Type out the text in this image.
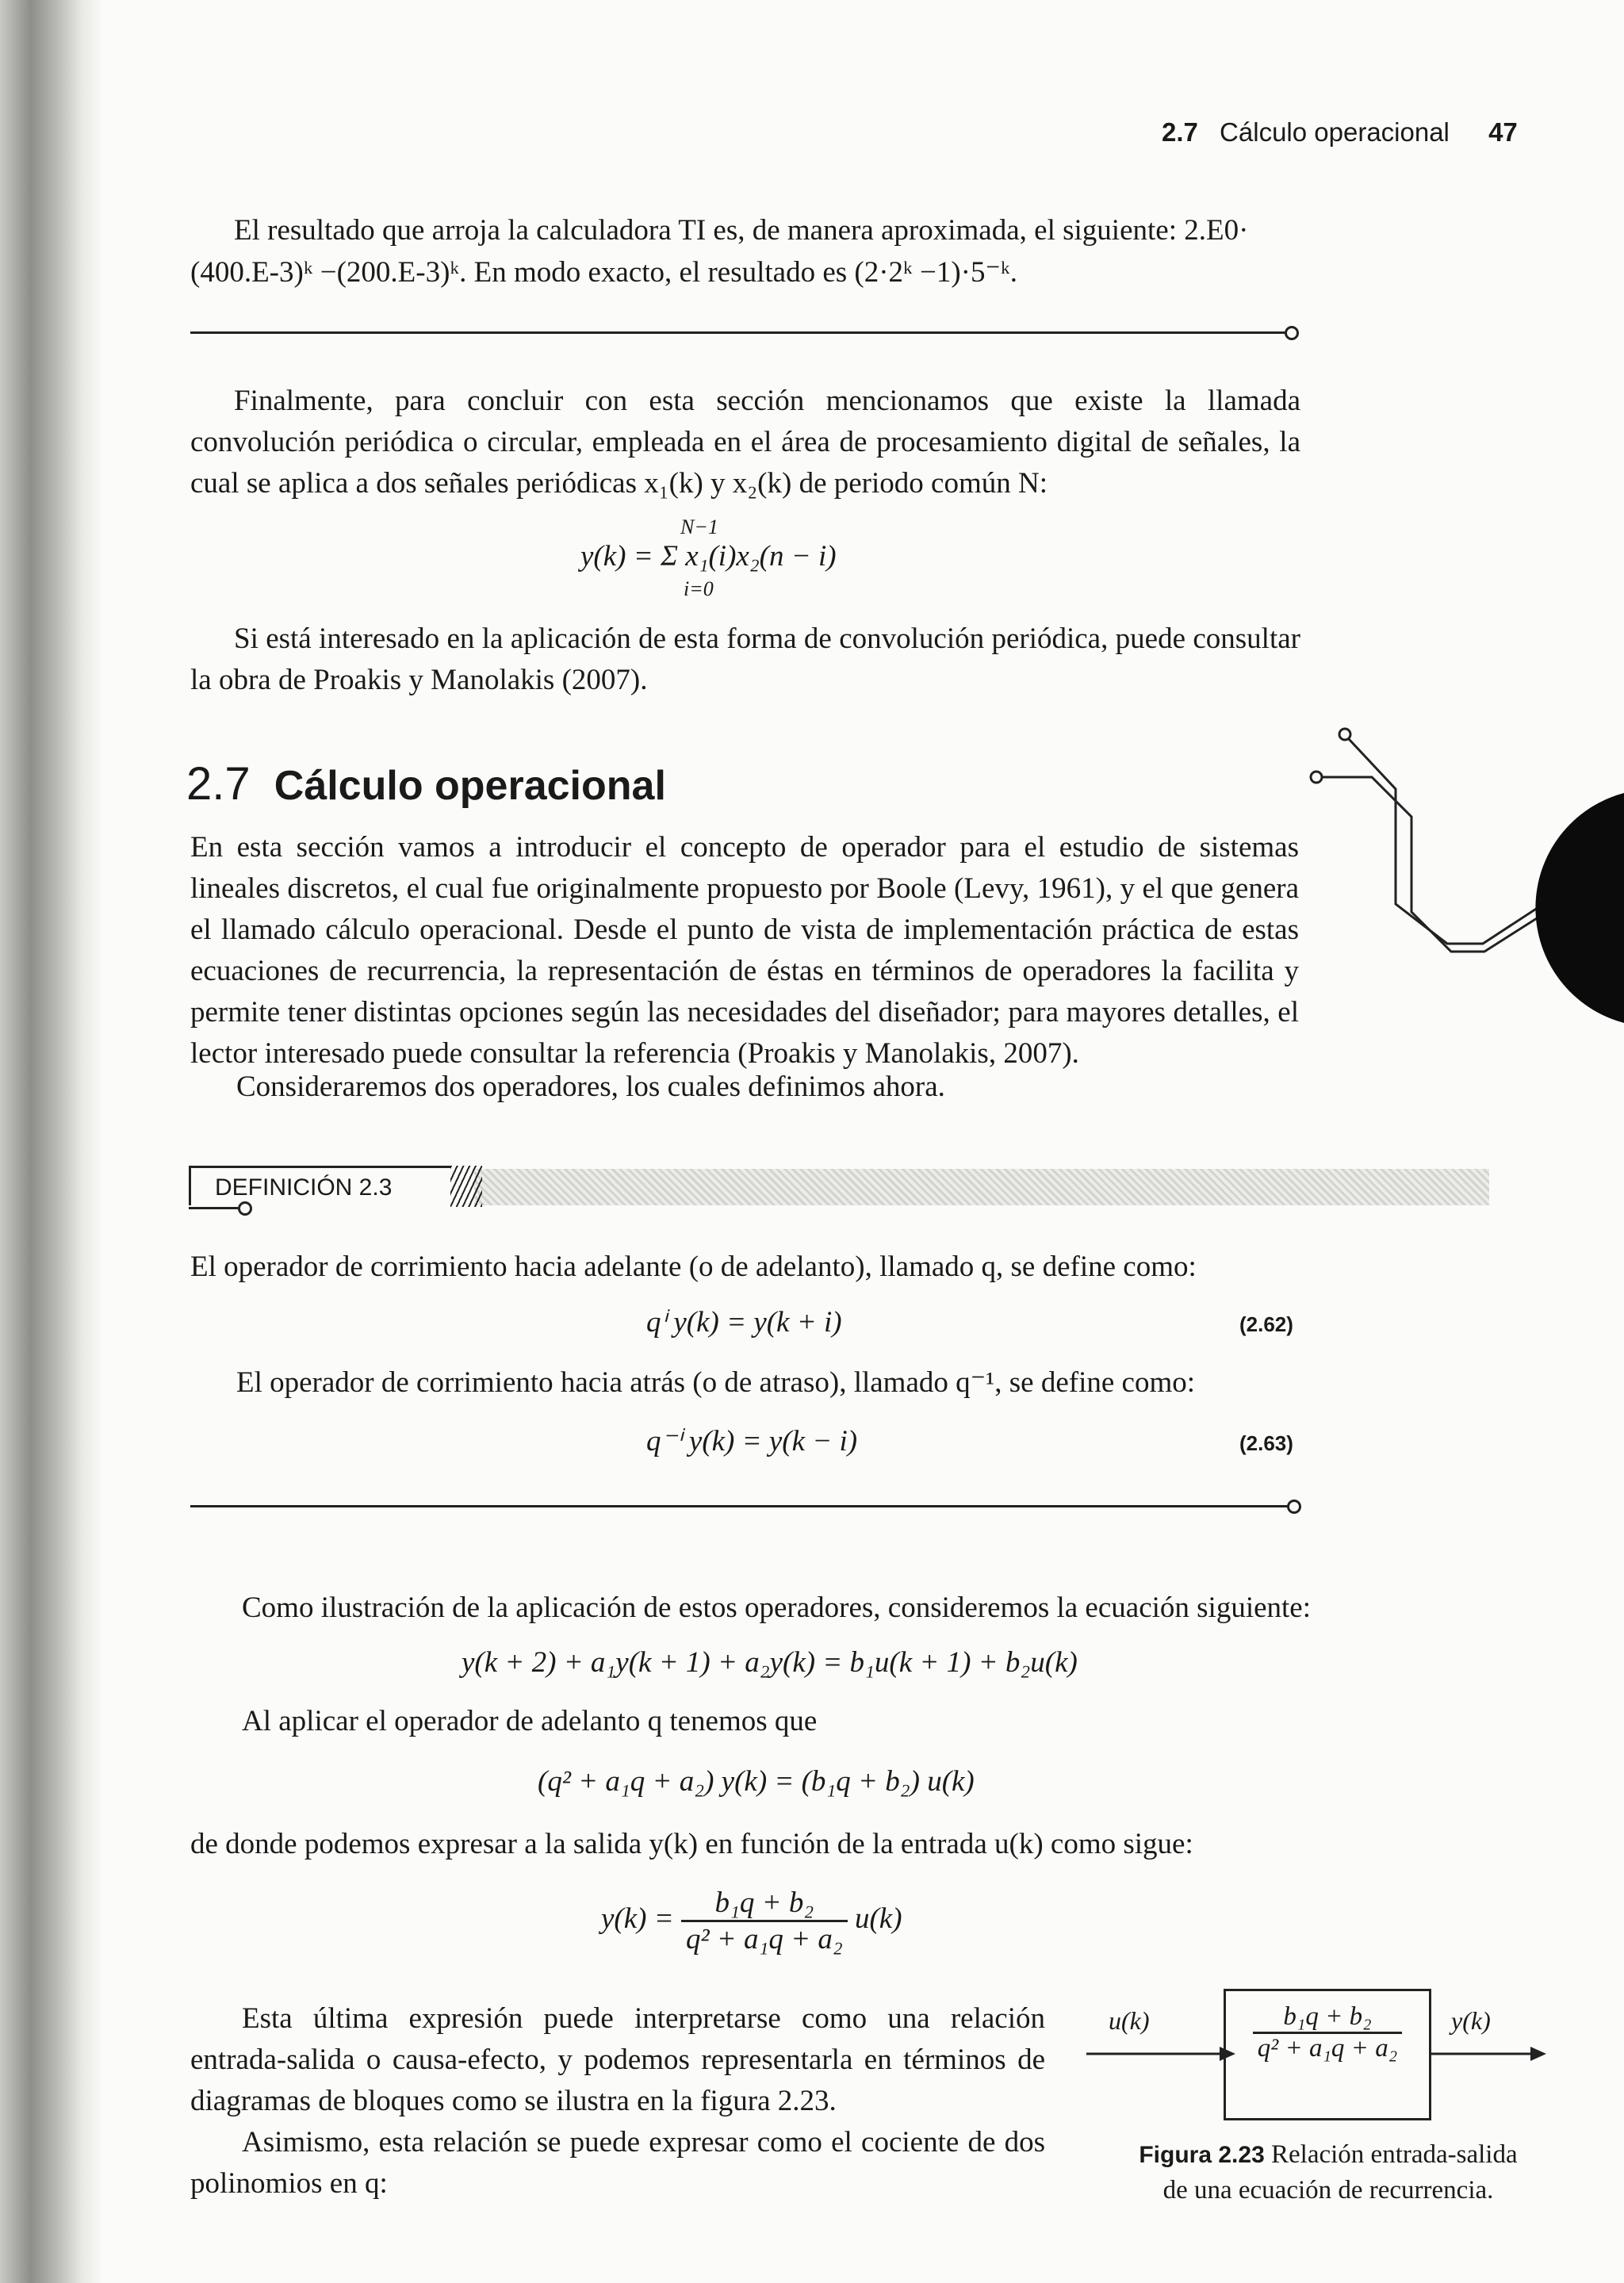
2.7 Cálculo operacional 47
El resultado que arroja la calculadora TI es, de manera aproximada, el siguiente: 2.E0·
(400.E-3)ᵏ −(200.E-3)ᵏ. En modo exacto, el resultado es (2·2ᵏ −1)·5⁻ᵏ.
Finalmente, para concluir con esta sección mencionamos que existe la llamada convolución periódica o circular, empleada en el área de procesamiento digital de señales, la cual se aplica a dos señales periódicas x₁(k) y x₂(k) de periodo común N:
N−1
y(k) = Σ x₁(i)x₂(n − i)
i=0
Si está interesado en la aplicación de esta forma de convolución periódica, puede consultar la obra de Proakis y Manolakis (2007).
2.7 Cálculo operacional
En esta sección vamos a introducir el concepto de operador para el estudio de sistemas lineales discretos, el cual fue originalmente propuesto por Boole (Levy, 1961), y el que genera el llamado cálculo operacional. Desde el punto de vista de implementación práctica de estas ecuaciones de recurrencia, la representación de éstas en términos de operadores la facilita y permite tener distintas opciones según las necesidades del diseñador; para mayores detalles, el lector interesado puede consultar la referencia (Proakis y Manolakis, 2007).
Consideraremos dos operadores, los cuales definimos ahora.
DEFINICIÓN 2.3
El operador de corrimiento hacia adelante (o de adelanto), llamado q, se define como:
qⁱ y(k) = y(k + i)	(2.62)
El operador de corrimiento hacia atrás (o de atraso), llamado q⁻¹, se define como:
q⁻ⁱ y(k) = y(k − i)	(2.63)
Como ilustración de la aplicación de estos operadores, consideremos la ecuación siguiente:
y(k + 2) + a₁y(k + 1) + a₂y(k) = b₁u(k + 1) + b₂u(k)
Al aplicar el operador de adelanto q tenemos que
(q² + a₁q + a₂) y(k) = (b₁q + b₂) u(k)
de donde podemos expresar a la salida y(k) en función de la entrada u(k) como sigue:
$y(k) = \frac{\text{b₁q + b₂}}{\text{q² + a₁q + a₂}} u(k)$
Esta última expresión puede interpretarse como una relación entrada-salida o causa-efecto, y podemos representarla en términos de diagramas de bloques como se ilustra en la figura 2.23.
Asimismo, esta relación se puede expresar como el cociente de dos polinomios en q:
u(k)	$\frac{\text{b₁q + b₂}}{\text{q² + a₁q + a₂}} y(k)$
Figura 2.23 Relación entrada-salida de una ecuación de recurrencia.
